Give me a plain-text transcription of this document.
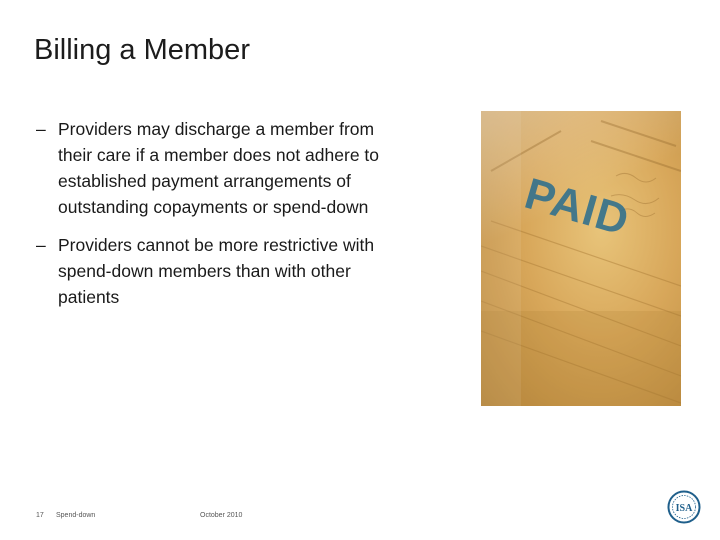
Billing a Member
– Providers may discharge a member from their care if a member does not adhere to established payment arrangements of outstanding copayments or spend-down
– Providers cannot be more restrictive with spend-down members than with other patients
PAID
17 Spend-down	October 2010
ISA
